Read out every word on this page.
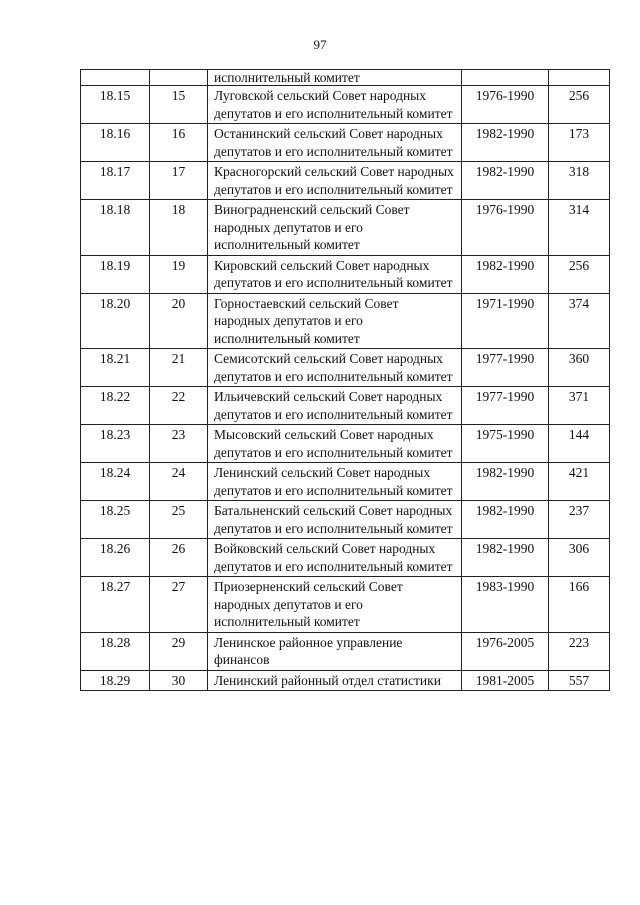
97
		исполнительный комитет		
18.15	15	Луговской сельский Совет народных депутатов и его исполнительный комитет	1976-1990	256
18.16	16	Останинский сельский Совет народных депутатов и его исполнительный комитет	1982-1990	173
18.17	17	Красногорский сельский Совет народных депутатов и его исполнительный комитет	1982-1990	318
18.18	18	Виноградненский сельский Совет народных депутатов и его исполнительный комитет	1976-1990	314
18.19	19	Кировский сельский Совет народных депутатов и его исполнительный комитет	1982-1990	256
18.20	20	Горностаевский сельский Совет народных депутатов и его исполнительный комитет	1971-1990	374
18.21	21	Семисотский сельский Совет народных депутатов и его исполнительный комитет	1977-1990	360
18.22	22	Ильичевский сельский Совет народных депутатов и его исполнительный комитет	1977-1990	371
18.23	23	Мысовский сельский Совет народных депутатов и его исполнительный комитет	1975-1990	144
18.24	24	Ленинский сельский Совет народных депутатов и его исполнительный комитет	1982-1990	421
18.25	25	Батальненский сельский Совет народных депутатов и его исполнительный комитет	1982-1990	237
18.26	26	Войковский сельский Совет народных депутатов и его исполнительный комитет	1982-1990	306
18.27	27	Приозерненский сельский Совет народных депутатов и его исполнительный комитет	1983-1990	166
18.28	29	Ленинское районное управление финансов	1976-2005	223
18.29	30	Ленинский районный отдел статистики	1981-2005	557
